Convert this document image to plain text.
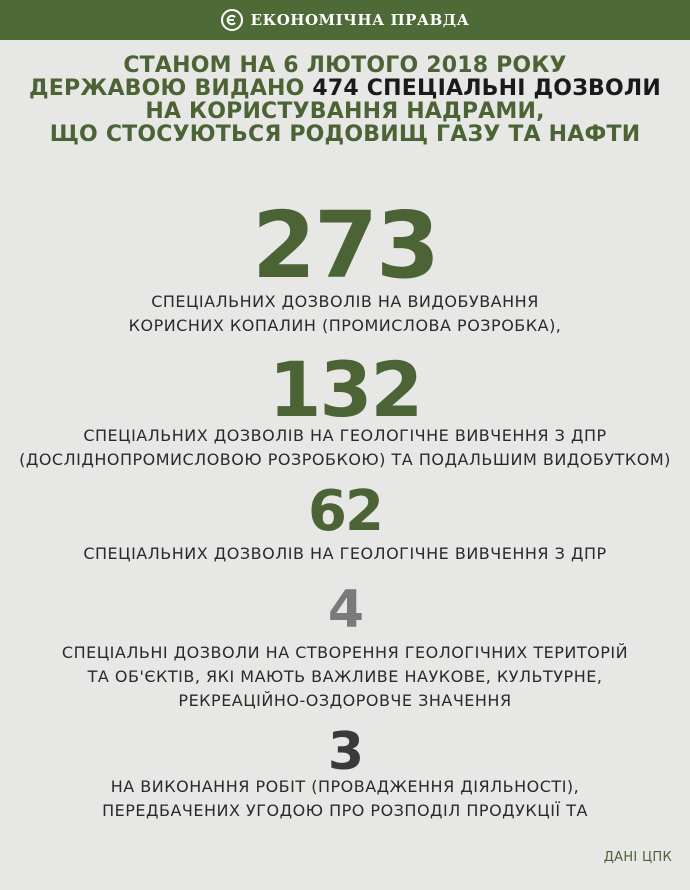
ЕКОНОМІЧНА ПРАВДА
СТАНОМ НА 6 ЛЮТОГО 2018 РОКУ
ДЕРЖАВОЮ ВИДАНО 474 СПЕЦІАЛЬНІ ДОЗВОЛИ
НА КОРИСТУВАННЯ НАДРАМИ,
ЩО СТОСУЮТЬСЯ РОДОВИЩ ГАЗУ ТА НАФТИ
273
СПЕЦІАЛЬНИХ ДОЗВОЛІВ НА ВИДОБУВАННЯ
КОРИСНИХ КОПАЛИН (ПРОМИСЛОВА РОЗРОБКА),
132
СПЕЦІАЛЬНИХ ДОЗВОЛІВ НА ГЕОЛОГІЧНЕ ВИВЧЕННЯ З ДПР
(ДОСЛІДНОПРОМИСЛОВОЮ РОЗРОБКОЮ) ТА ПОДАЛЬШИМ ВИДОБУТКОМ)
62
СПЕЦІАЛЬНИХ ДОЗВОЛІВ НА ГЕОЛОГІЧНЕ ВИВЧЕННЯ З ДПР
4
СПЕЦІАЛЬНІ ДОЗВОЛИ НА СТВОРЕННЯ ГЕОЛОГІЧНИХ ТЕРИТОРІЙ
ТА ОБ'ЄКТІВ, ЯКІ МАЮТЬ ВАЖЛИВЕ НАУКОВЕ, КУЛЬТУРНЕ,
РЕКРЕАЦІЙНО-ОЗДОРОВЧЕ ЗНАЧЕННЯ
3
НА ВИКОНАННЯ РОБІТ (ПРОВАДЖЕННЯ ДІЯЛЬНОСТІ),
ПЕРЕДБАЧЕНИХ УГОДОЮ ПРО РОЗПОДІЛ ПРОДУКЦІЇ ТА
ДАНІ ЦПК
